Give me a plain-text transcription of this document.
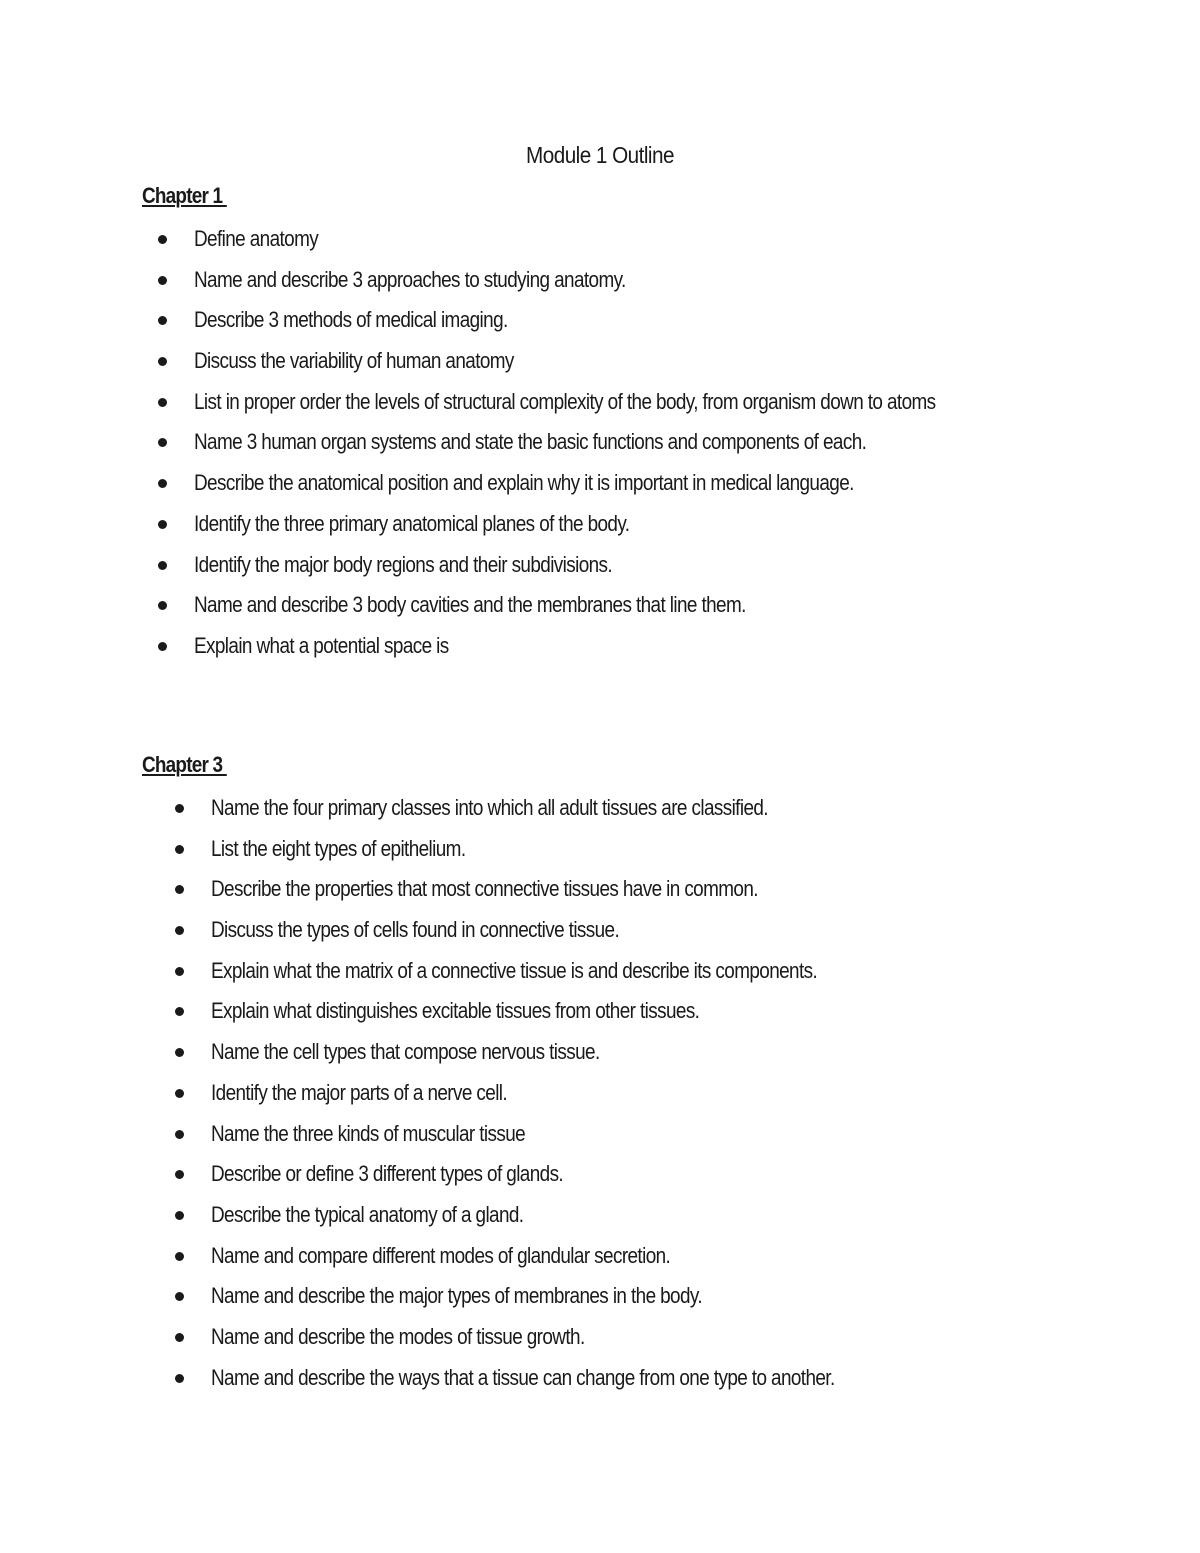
Module 1 Outline
Chapter 1
Define anatomy
Name and describe 3 approaches to studying anatomy.
Describe 3 methods of medical imaging.
Discuss the variability of human anatomy
List in proper order the levels of structural complexity of the body, from organism down to atoms
Name 3 human organ systems and state the basic functions and components of each.
Describe the anatomical position and explain why it is important in medical language.
Identify the three primary anatomical planes of the body.
Identify the major body regions and their subdivisions.
Name and describe 3 body cavities and the membranes that line them.
Explain what a potential space is
Chapter 3
Name the four primary classes into which all adult tissues are classified.
List the eight types of epithelium.
Describe the properties that most connective tissues have in common.
Discuss the types of cells found in connective tissue.
Explain what the matrix of a connective tissue is and describe its components.
Explain what distinguishes excitable tissues from other tissues.
Name the cell types that compose nervous tissue.
Identify the major parts of a nerve cell.
Name the three kinds of muscular tissue
Describe or define 3 different types of glands.
Describe the typical anatomy of a gland.
Name and compare different modes of glandular secretion.
Name and describe the major types of membranes in the body.
Name and describe the modes of tissue growth.
Name and describe the ways that a tissue can change from one type to another.
